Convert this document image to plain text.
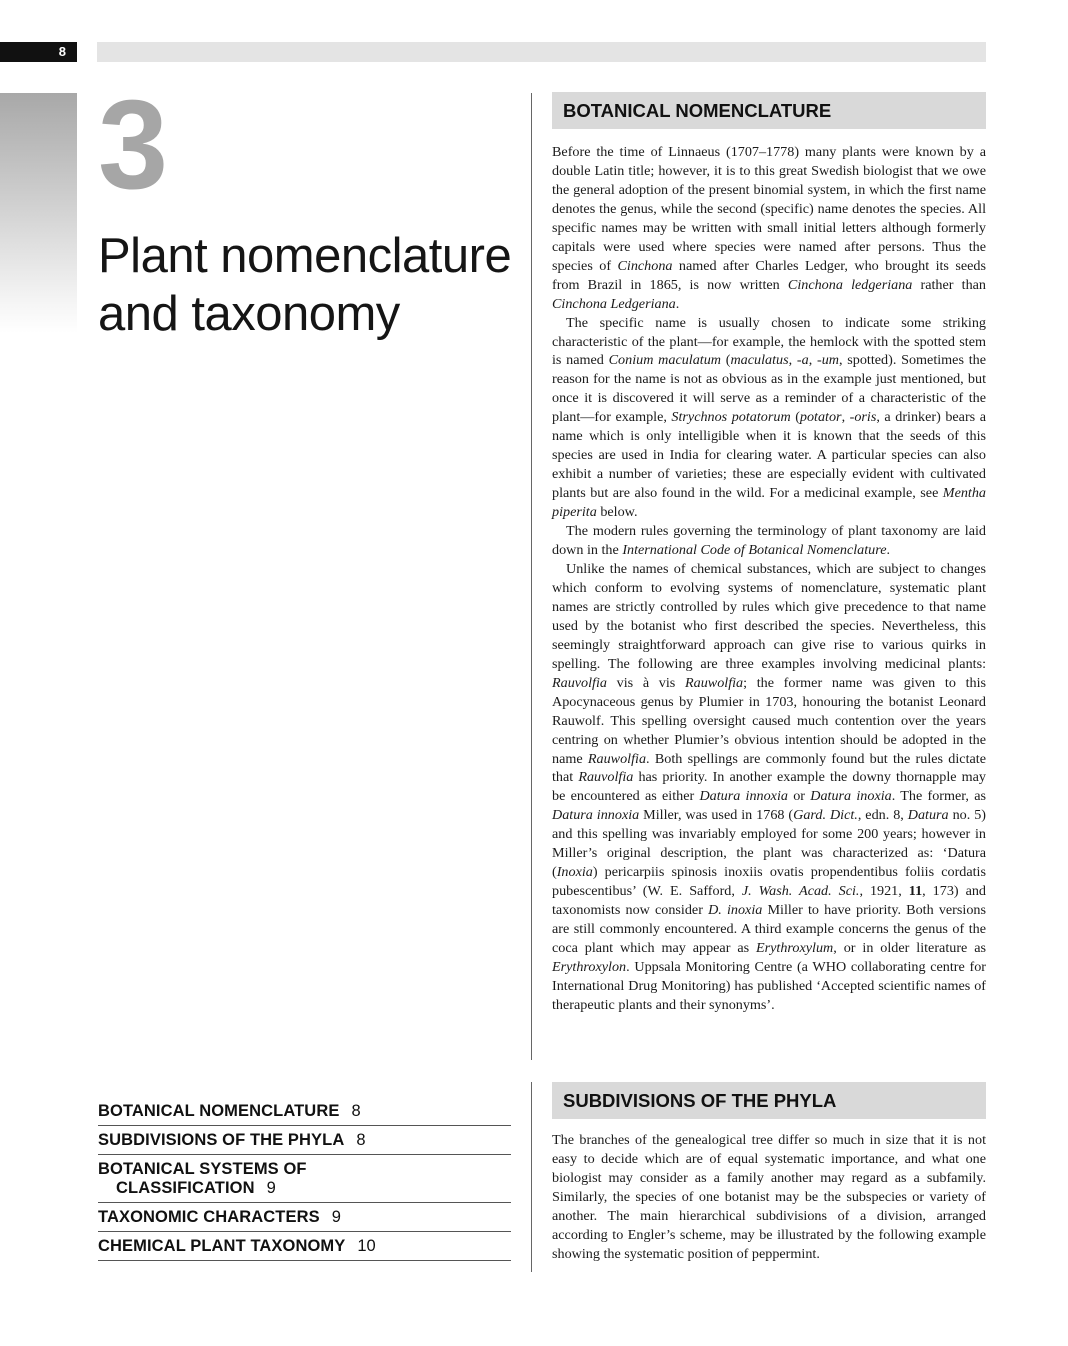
8
3
Plant nomenclature
and taxonomy
BOTANICAL NOMENCLATURE 8
SUBDIVISIONS OF THE PHYLA 8
BOTANICAL SYSTEMS OF
CLASSIFICATION 9
TAXONOMIC CHARACTERS 9
CHEMICAL PLANT TAXONOMY 10
BOTANICAL NOMENCLATURE

Before the time of Linnaeus (1707–1778) many plants were known by a double Latin title; however, it is to this great Swedish biologist that we owe the general adoption of the present binomial system, in which the first name denotes the genus, while the second (specific) name denotes the species. All specific names may be written with small initial letters although formerly capitals were used where species were named after persons. Thus the species of Cinchona named after Charles Ledger, who brought its seeds from Brazil in 1865, is now written Cinchona ledgeriana rather than Cinchona Ledgeriana.

The specific name is usually chosen to indicate some striking characteristic of the plant—for example, the hemlock with the spotted stem is named Conium maculatum (maculatus, -a, -um, spotted). Sometimes the reason for the name is not as obvious as in the example just mentioned, but once it is discovered it will serve as a reminder of a characteristic of the plant—for example, Strychnos potatorum (potator, -oris, a drinker) bears a name which is only intelligible when it is known that the seeds of this species are used in India for clearing water. A particular species can also exhibit a number of varieties; these are especially evident with cultivated plants but are also found in the wild. For a medicinal example, see Mentha piperita below.

The modern rules governing the terminology of plant taxonomy are laid down in the International Code of Botanical Nomenclature.

Unlike the names of chemical substances, which are subject to changes which conform to evolving systems of nomenclature, systematic plant names are strictly controlled by rules which give precedence to that name used by the botanist who first described the species. Nevertheless, this seemingly straightforward approach can give rise to various quirks in spelling. The following are three examples involving medicinal plants: Rauvolfia vis à vis Rauwolfia; the former name was given to this Apocynaceous genus by Plumier in 1703, honouring the botanist Leonard Rauwolf. This spelling oversight caused much contention over the years centring on whether Plumier’s obvious intention should be adopted in the name Rauwolfia. Both spellings are commonly found but the rules dictate that Rauvolfia has priority. In another example the downy thornapple may be encountered as either Datura innoxia or Datura inoxia. The former, as Datura innoxia Miller, was used in 1768 (Gard. Dict., edn. 8, Datura no. 5) and this spelling was invariably employed for some 200 years; however in Miller’s original description, the plant was characterized as: ‘Datura (Inoxia) pericarpiis spinosis inoxiis ovatis propendentibus foliis cordatis pubescentibus’ (W. E. Safford, J. Wash. Acad. Sci., 1921, 11, 173) and taxonomists now consider D. inoxia Miller to have priority. Both versions are still commonly encountered. A third example concerns the genus of the coca plant which may appear as Erythroxylum, or in older literature as Erythroxylon. Uppsala Monitoring Centre (a WHO collaborating centre for International Drug Monitoring) has published ‘Accepted scientific names of therapeutic plants and their synonyms’.

SUBDIVISIONS OF THE PHYLA

The branches of the genealogical tree differ so much in size that it is not easy to decide which are of equal systematic importance, and what one biologist may consider as a family another may regard as a subfamily. Similarly, the species of one botanist may be the subspecies or variety of another. The main hierarchical subdivisions of a division, arranged according to Engler’s scheme, may be illustrated by the following example showing the systematic position of peppermint.
